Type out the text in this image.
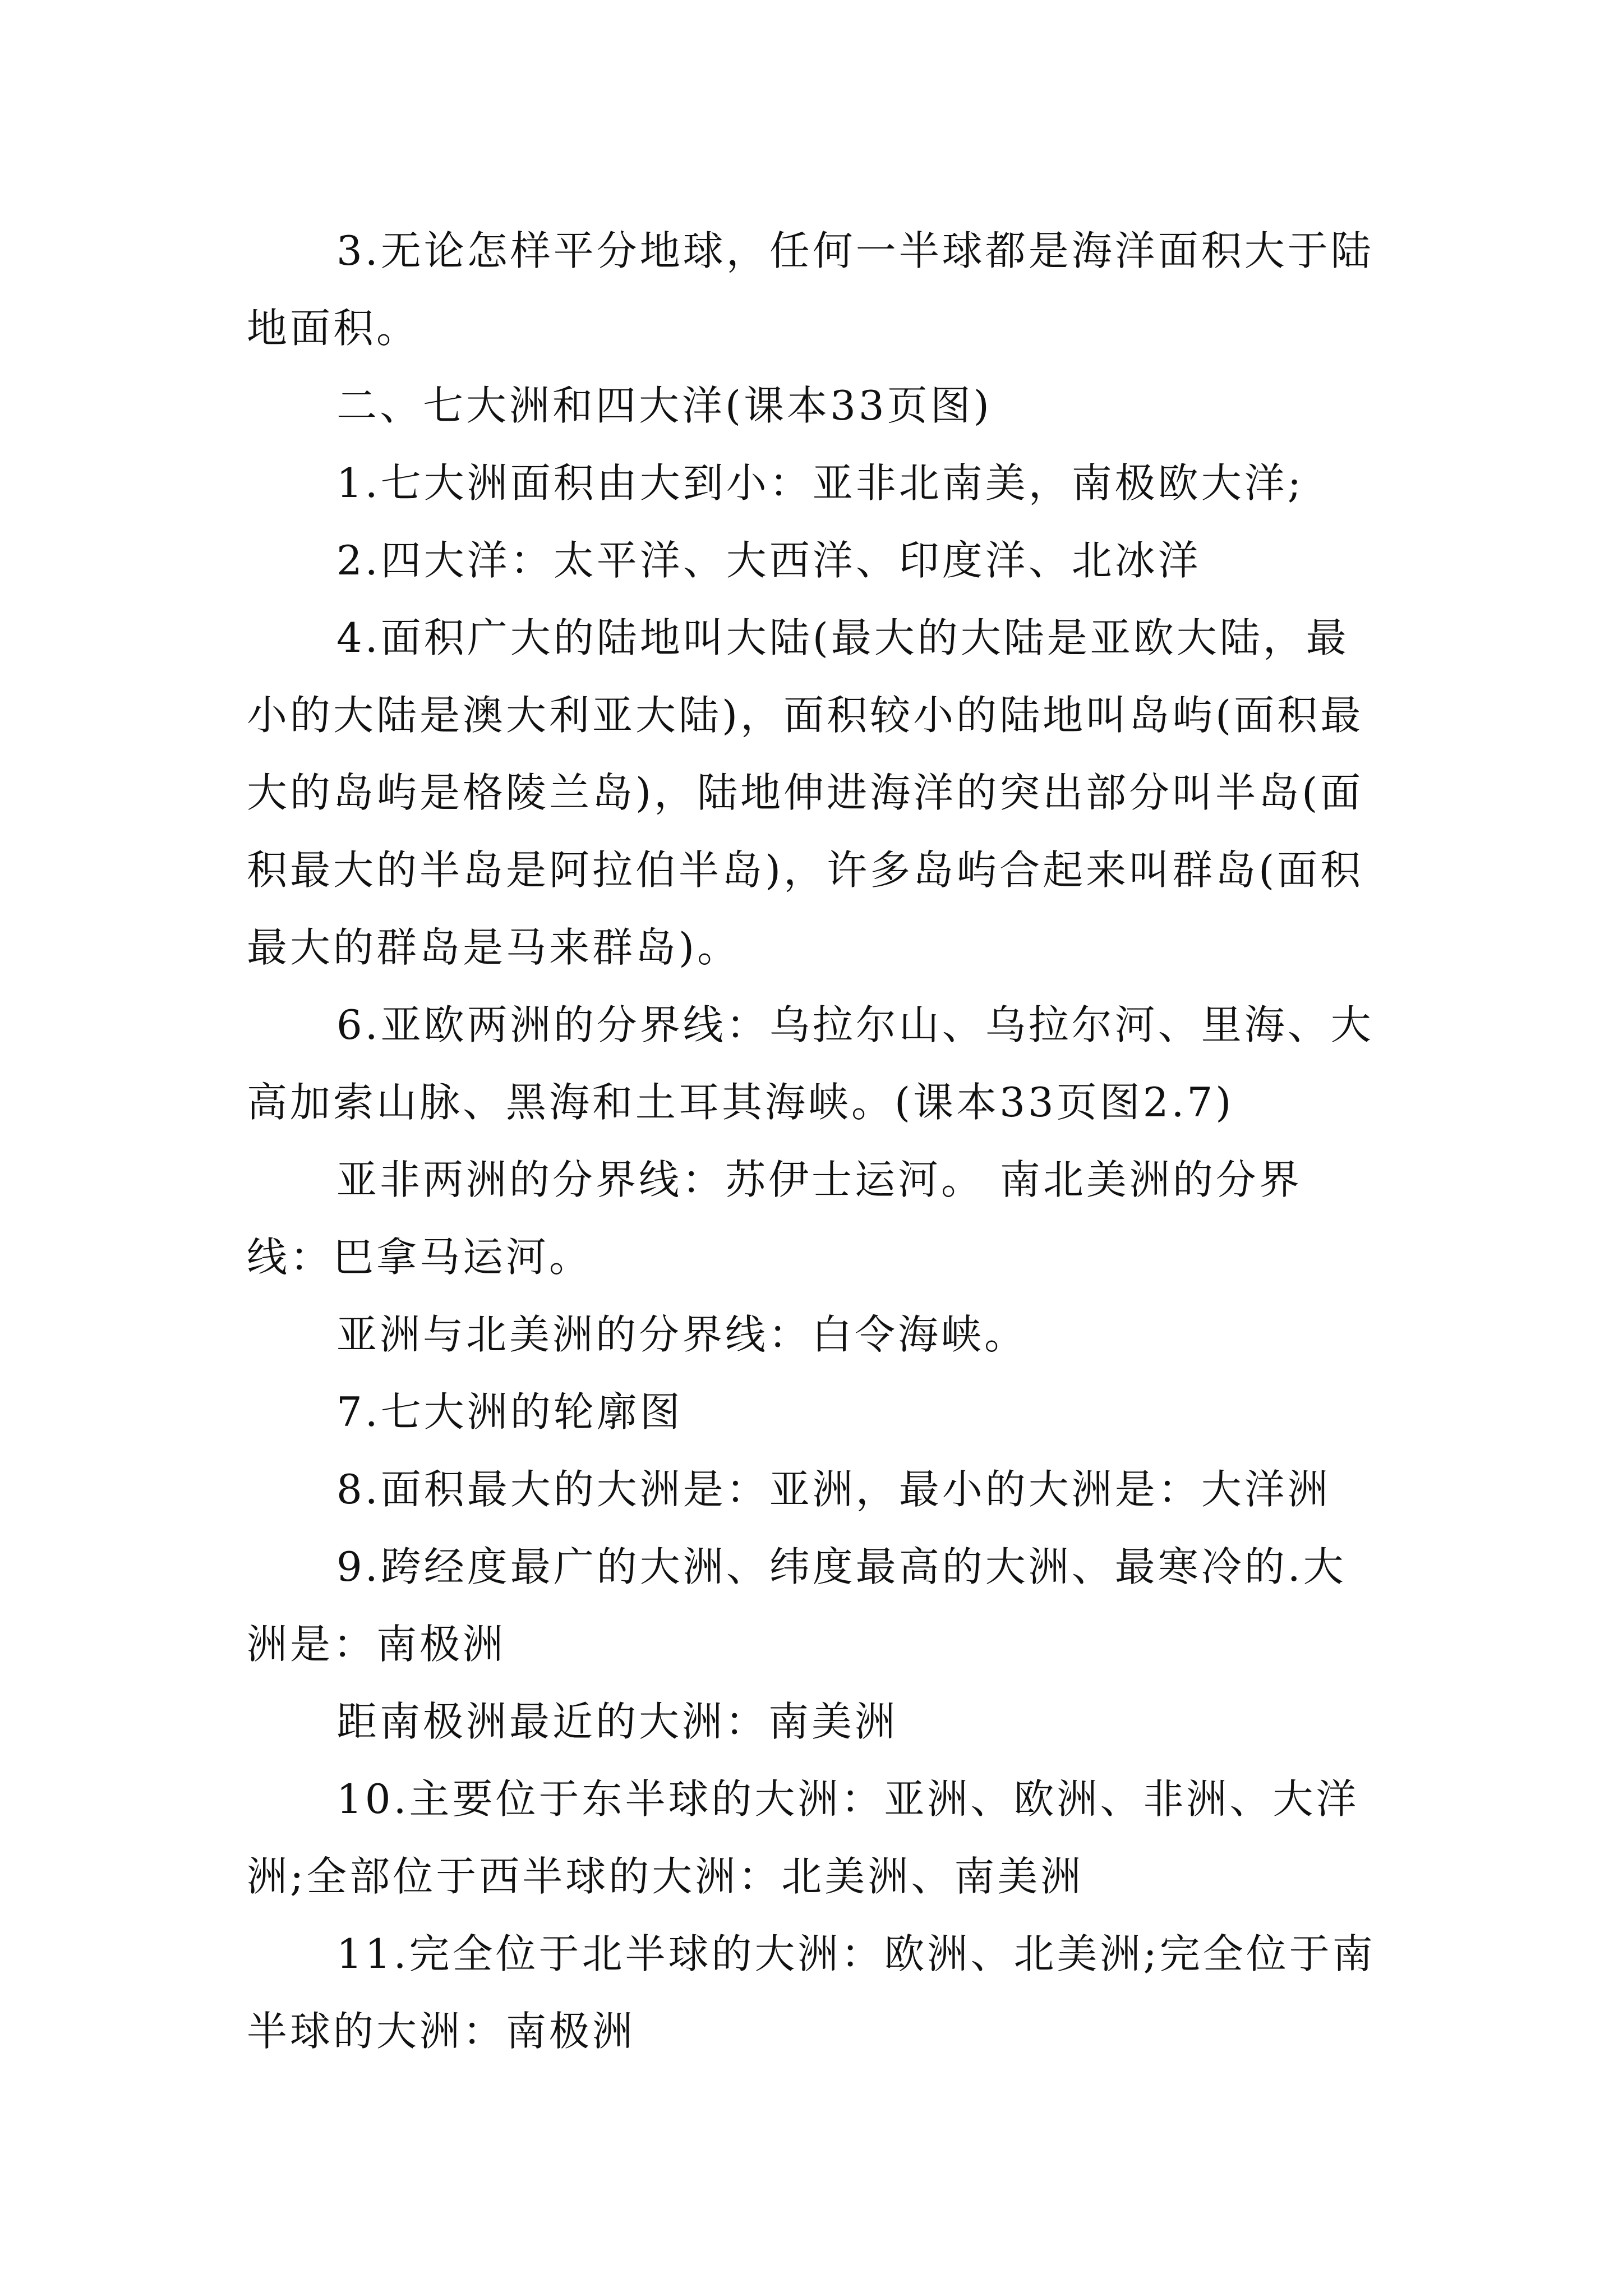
3.无论怎样平分地球，任何一半球都是海洋面积大于陆地面积。

二、七大洲和四大洋(课本33页图)

1.七大洲面积由大到小：亚非北南美，南极欧大洋;

2.四大洋：太平洋、大西洋、印度洋、北冰洋

4.面积广大的陆地叫大陆(最大的大陆是亚欧大陆，最小的大陆是澳大利亚大陆)，面积较小的陆地叫岛屿(面积最大的岛屿是格陵兰岛)，陆地伸进海洋的突出部分叫半岛(面积最大的半岛是阿拉伯半岛)，许多岛屿合起来叫群岛(面积最大的群岛是马来群岛)。

6.亚欧两洲的分界线：乌拉尔山、乌拉尔河、里海、大高加索山脉、黑海和土耳其海峡。(课本33页图2.7)

亚非两洲的分界线：苏伊士运河。 南北美洲的分界线：巴拿马运河。

亚洲与北美洲的分界线：白令海峡。

7.七大洲的轮廓图

8.面积最大的大洲是：亚洲，最小的大洲是：大洋洲

9.跨经度最广的大洲、纬度最高的大洲、最寒冷的.大洲是：南极洲

距南极洲最近的大洲：南美洲

10.主要位于东半球的大洲：亚洲、欧洲、非洲、大洋洲;全部位于西半球的大洲：北美洲、南美洲

11.完全位于北半球的大洲：欧洲、北美洲;完全位于南半球的大洲：南极洲
